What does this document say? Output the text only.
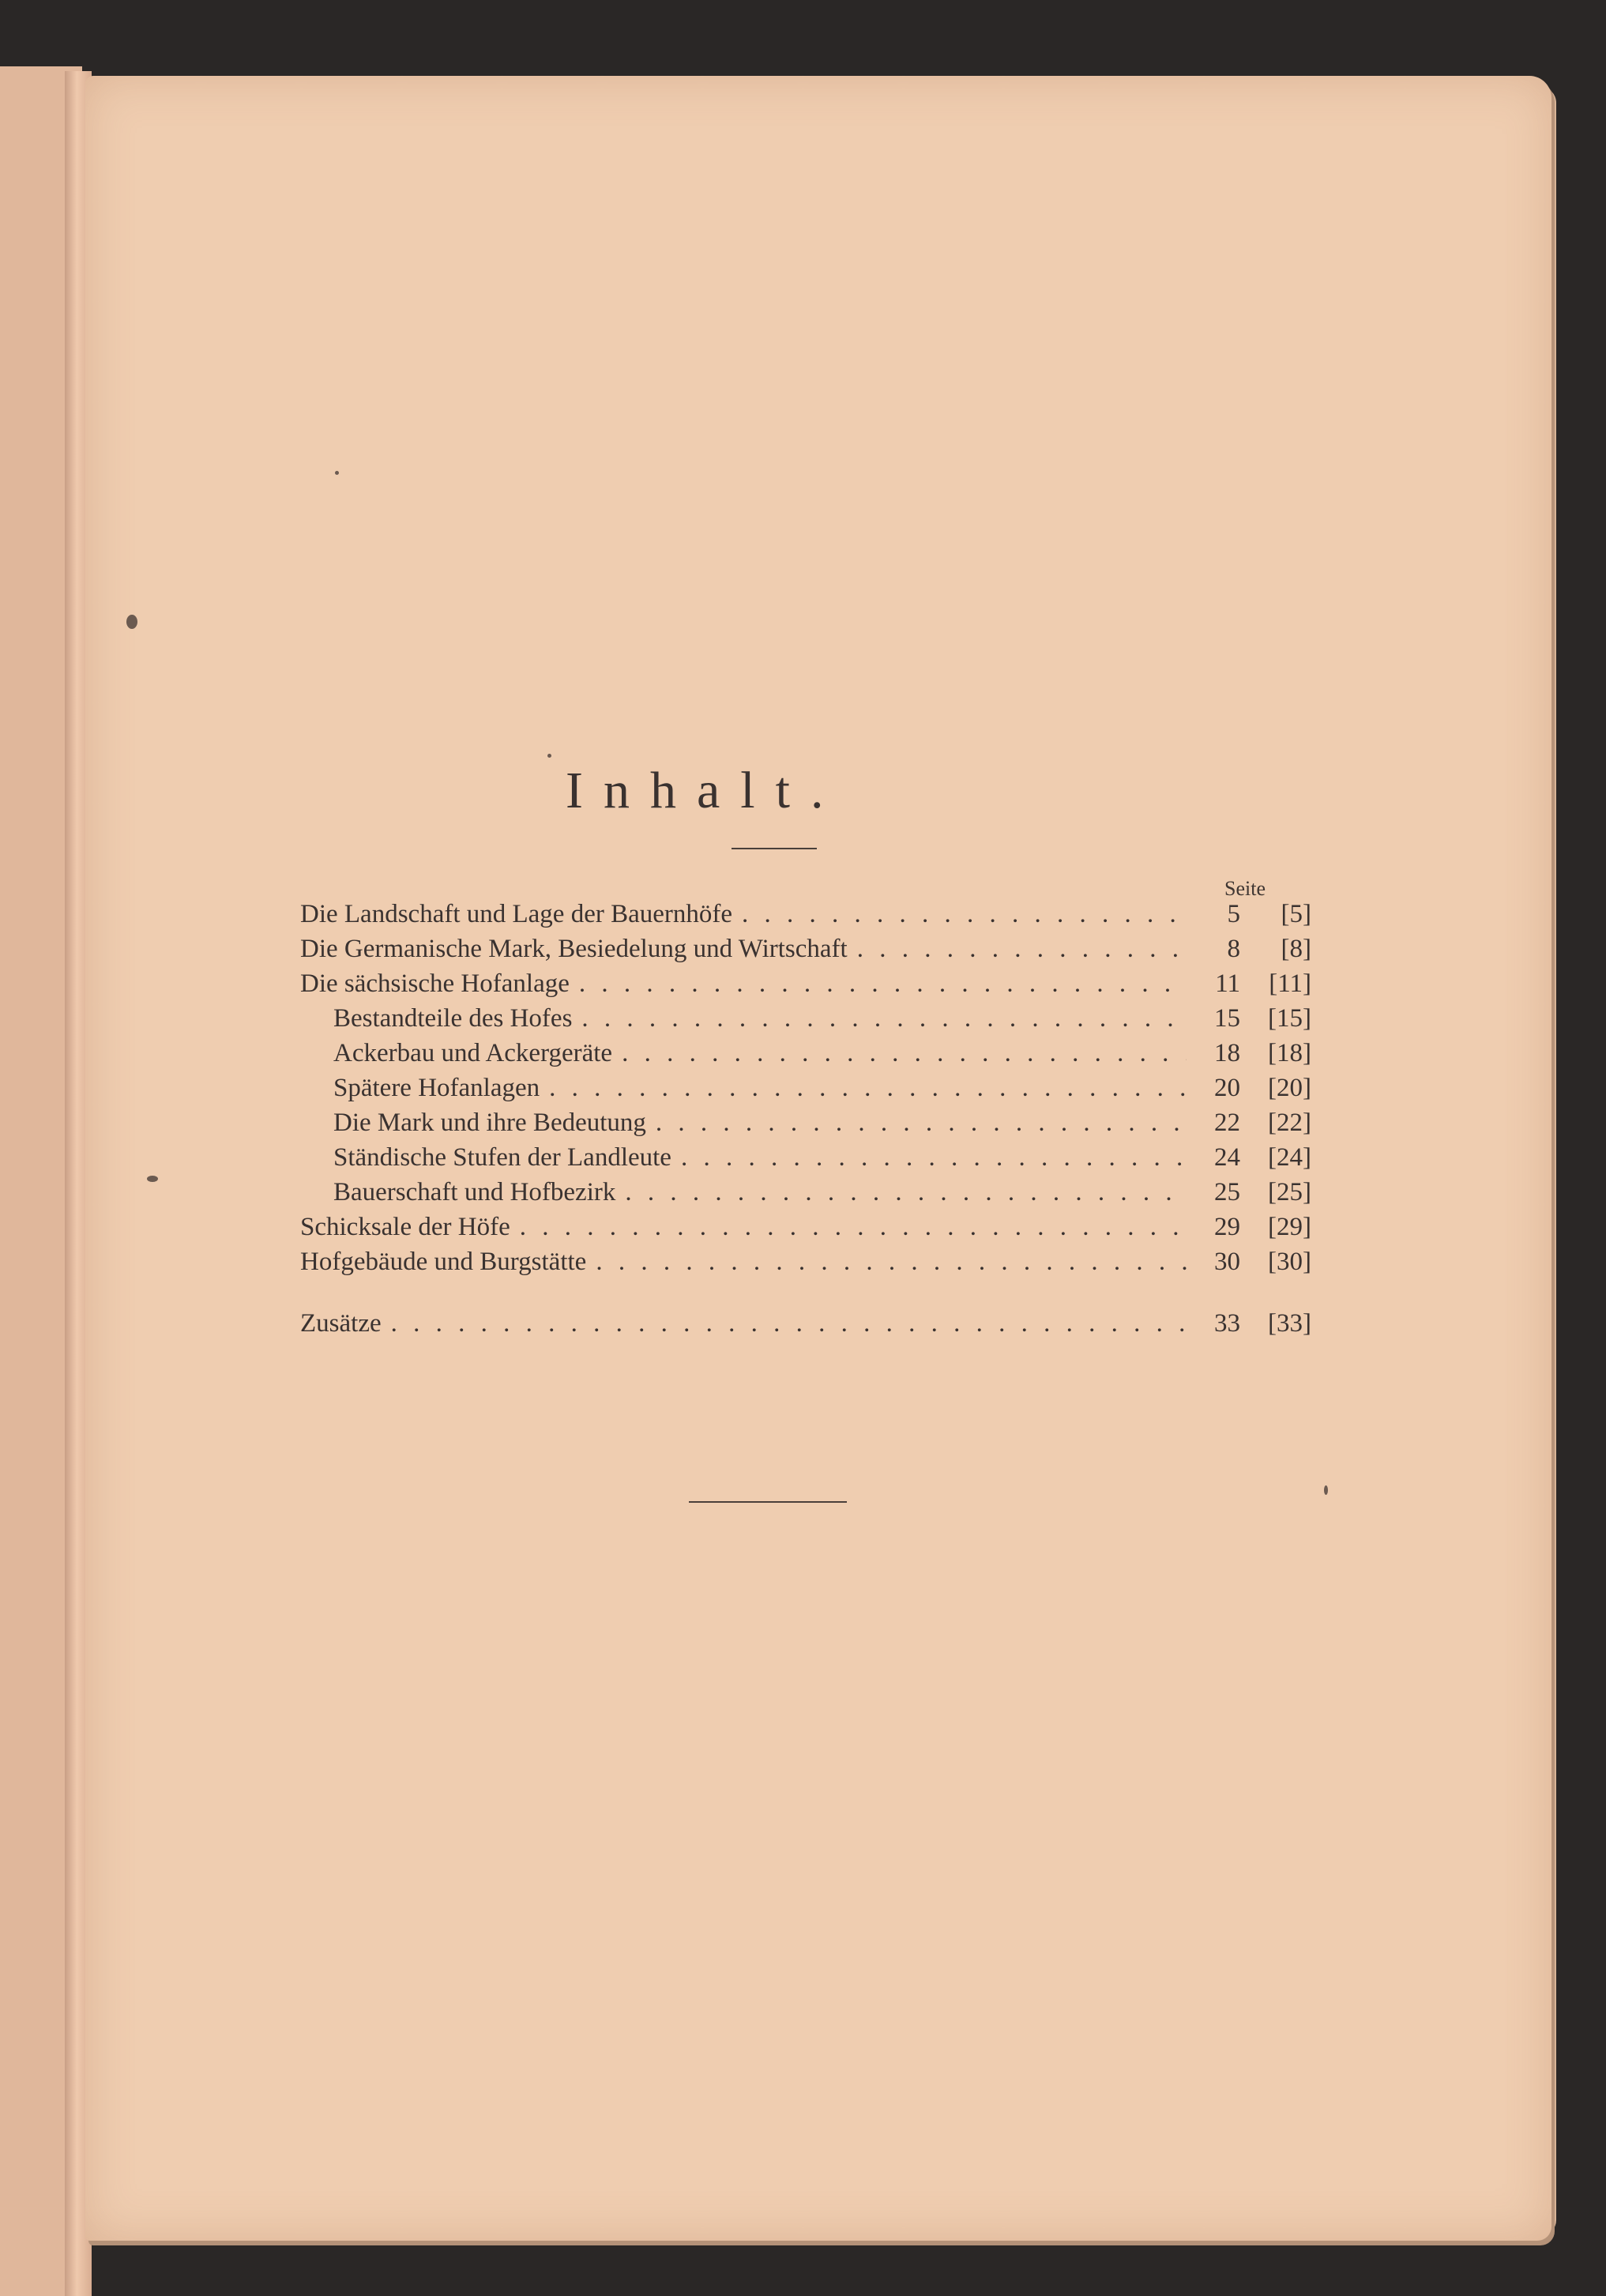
Inhalt.
Seite
Die Landschaft und Lage der Bauernhöfe . . .	5	[5]
Die Germanische Mark, Besiedelung und Wirtschaft . . .	8	[8]
Die sächsische Hofanlage . . .	11	[11]
Bestandteile des Hofes . . .	15	[15]
Ackerbau und Ackergeräte . . .	18	[18]
Spätere Hofanlagen . . .	20	[20]
Die Mark und ihre Bedeutung . . .	22	[22]
Ständische Stufen der Landleute . . .	24	[24]
Bauerschaft und Hofbezirk . . .	25	[25]
Schicksale der Höfe . . .	29	[29]
Hofgebäude und Burgstätte . . .	30	[30]
Zusätze . . .	33	[33]
